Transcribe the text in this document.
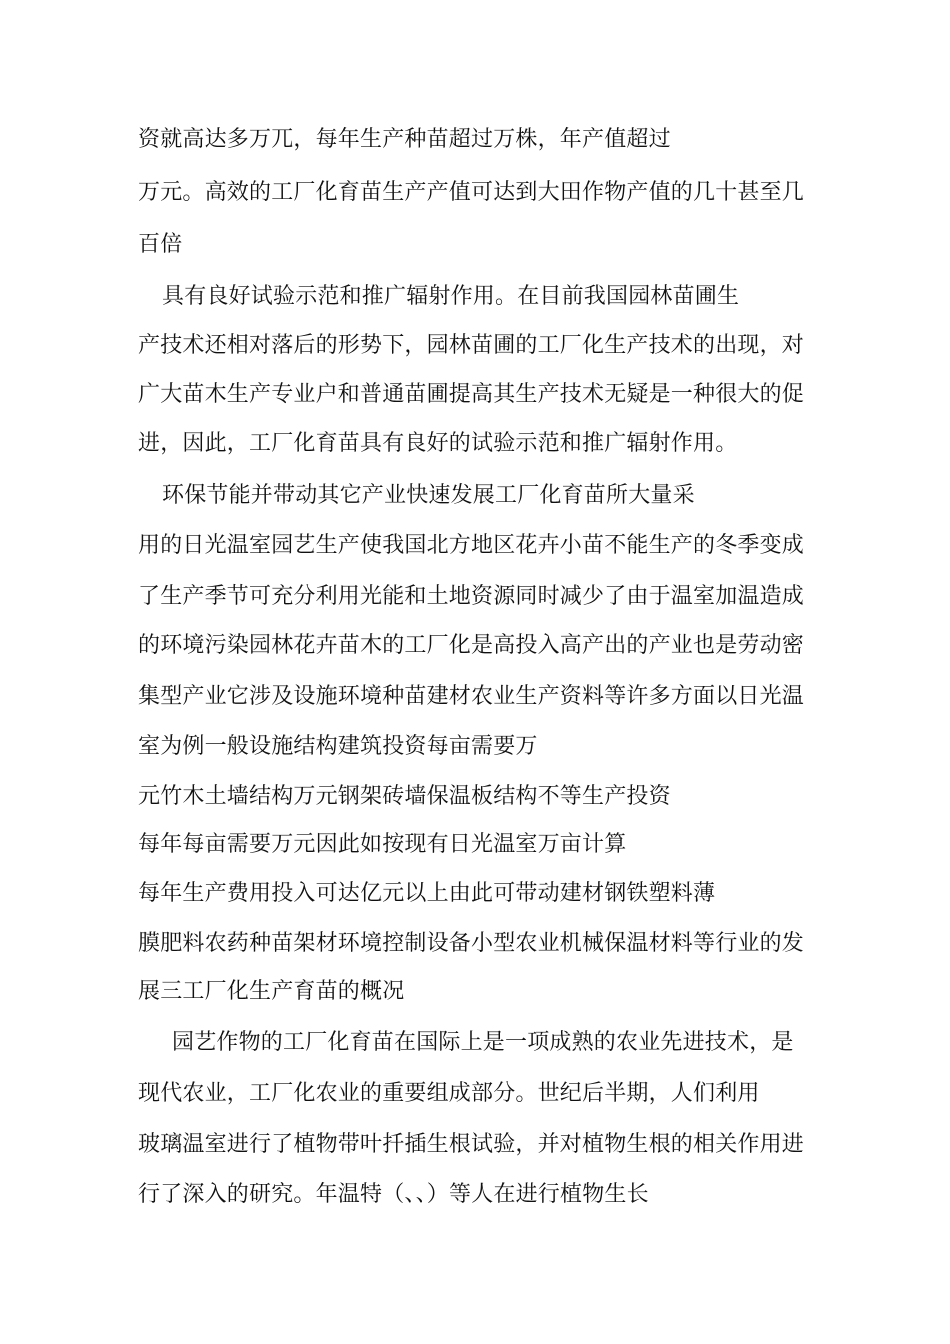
资就高达多万兀，每年生产种苗超过万株，年产值超过
万元。高效的工厂化育苗生产产值可达到大田作物产值的几十甚至几
百倍
具有良好试验示范和推广辐射作用。在目前我国园林苗圃生
产技术还相对落后的形势下，园林苗圃的工厂化生产技术的出现，对
广大苗木生产专业户和普通苗圃提高其生产技术无疑是一种很大的促
进，因此，工厂化育苗具有良好的试验示范和推广辐射作用。
环保节能并带动其它产业快速发展工厂化育苗所大量采
用的日光温室园艺生产使我国北方地区花卉小苗不能生产的冬季变成
了生产季节可充分利用光能和土地资源同时减少了由于温室加温造成
的环境污染园林花卉苗木的工厂化是高投入高产出的产业也是劳动密
集型产业它涉及设施环境种苗建材农业生产资料等许多方面以日光温
室为例一般设施结构建筑投资每亩需要万
元竹木土墙结构万元钢架砖墙保温板结构不等生产投资
每年每亩需要万元因此如按现有日光温室万亩计算
每年生产费用投入可达亿元以上由此可带动建材钢铁塑料薄
膜肥料农药种苗架材环境控制设备小型农业机械保温材料等行业的发
展三工厂化生产育苗的概况
园艺作物的工厂化育苗在国际上是一项成熟的农业先进技术，是
现代农业，工厂化农业的重要组成部分。世纪后半期，人们利用
玻璃温室进行了植物带叶扦插生根试验，并对植物生根的相关作用进
行了深入的研究。年温特（、、）等人在进行植物生长
